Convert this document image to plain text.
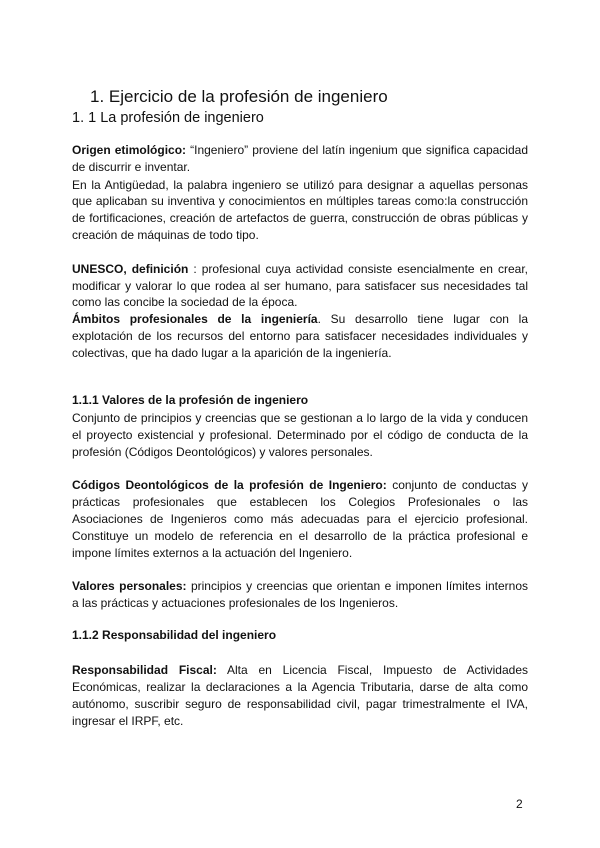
1. Ejercicio de la profesión de ingeniero
1. 1 La profesión de ingeniero
Origen etimológico: “Ingeniero” proviene del latín ingenium que significa capacidad
de discurrir e inventar.
En la Antigüedad, la palabra ingeniero se utilizó para designar a aquellas personas
que aplicaban su inventiva y conocimientos en múltiples tareas como:la construcción
de fortificaciones, creación de artefactos de guerra, construcción de obras públicas y
creación de máquinas de todo tipo.
UNESCO, definición : profesional cuya actividad consiste esencialmente en crear,
modificar y valorar lo que rodea al ser humano, para satisfacer sus necesidades tal
como las concibe la sociedad de la época.
Ámbitos profesionales de la ingeniería. Su desarrollo tiene lugar con la
explotación de los recursos del entorno para satisfacer necesidades individuales y
colectivas, que ha dado lugar a la aparición de la ingeniería.
1.1.1 Valores de la profesión de ingeniero
Conjunto de principios y creencias que se gestionan a lo largo de la vida y conducen
el proyecto existencial y profesional. Determinado por el código de conducta de la
profesión (Códigos Deontológicos) y valores personales.
Códigos Deontológicos de la profesión de Ingeniero: conjunto de conductas y
prácticas profesionales que establecen los Colegios Profesionales o las
Asociaciones de Ingenieros como más adecuadas para el ejercicio profesional.
Constituye un modelo de referencia en el desarrollo de la práctica profesional e
impone límites externos a la actuación del Ingeniero.
Valores personales: principios y creencias que orientan e imponen límites internos
a las prácticas y actuaciones profesionales de los Ingenieros.
1.1.2 Responsabilidad del ingeniero
Responsabilidad Fiscal: Alta en Licencia Fiscal, Impuesto de Actividades
Económicas, realizar la declaraciones a la Agencia Tributaria, darse de alta como
autónomo, suscribir seguro de responsabilidad civil, pagar trimestralmente el IVA,
ingresar el IRPF, etc.
2
